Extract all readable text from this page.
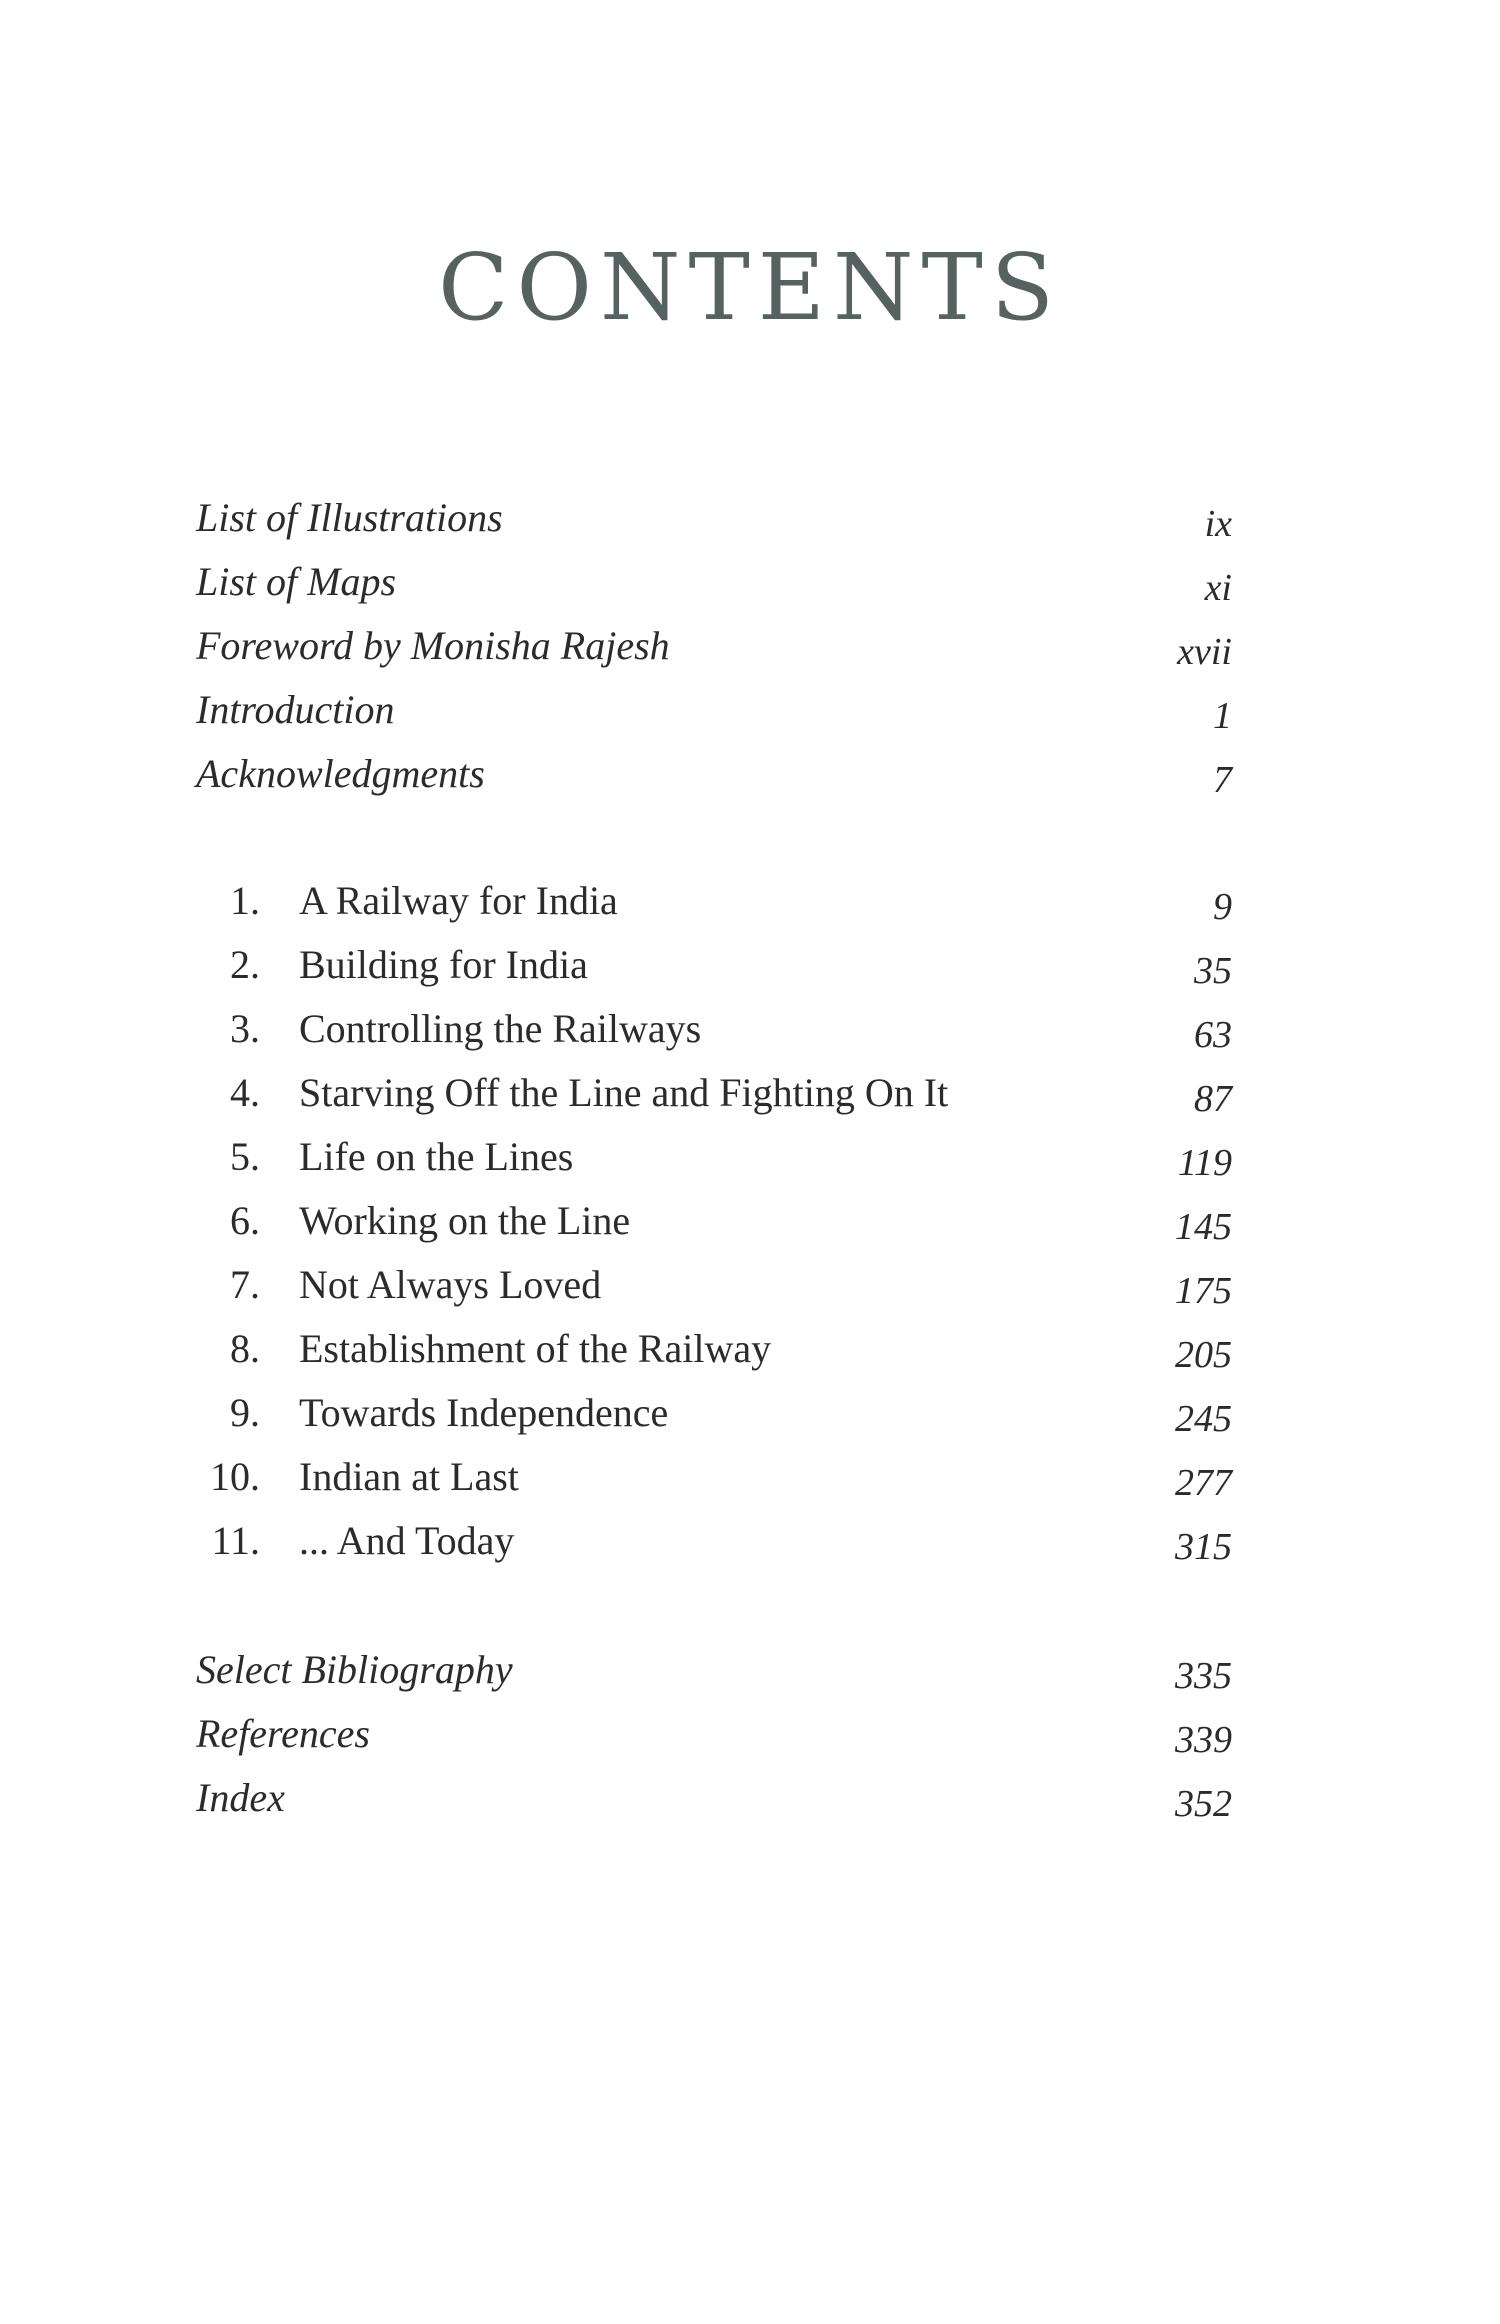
CONTENTS
List of Illustrations	ix
List of Maps	xi
Foreword by Monisha Rajesh	xvii
Introduction	1
Acknowledgments	7
1. A Railway for India	9
2. Building for India	35
3. Controlling the Railways	63
4. Starving Off the Line and Fighting On It	87
5. Life on the Lines	119
6. Working on the Line	145
7. Not Always Loved	175
8. Establishment of the Railway	205
9. Towards Independence	245
10. Indian at Last	277
11. ... And Today	315
Select Bibliography	335
References	339
Index	352
